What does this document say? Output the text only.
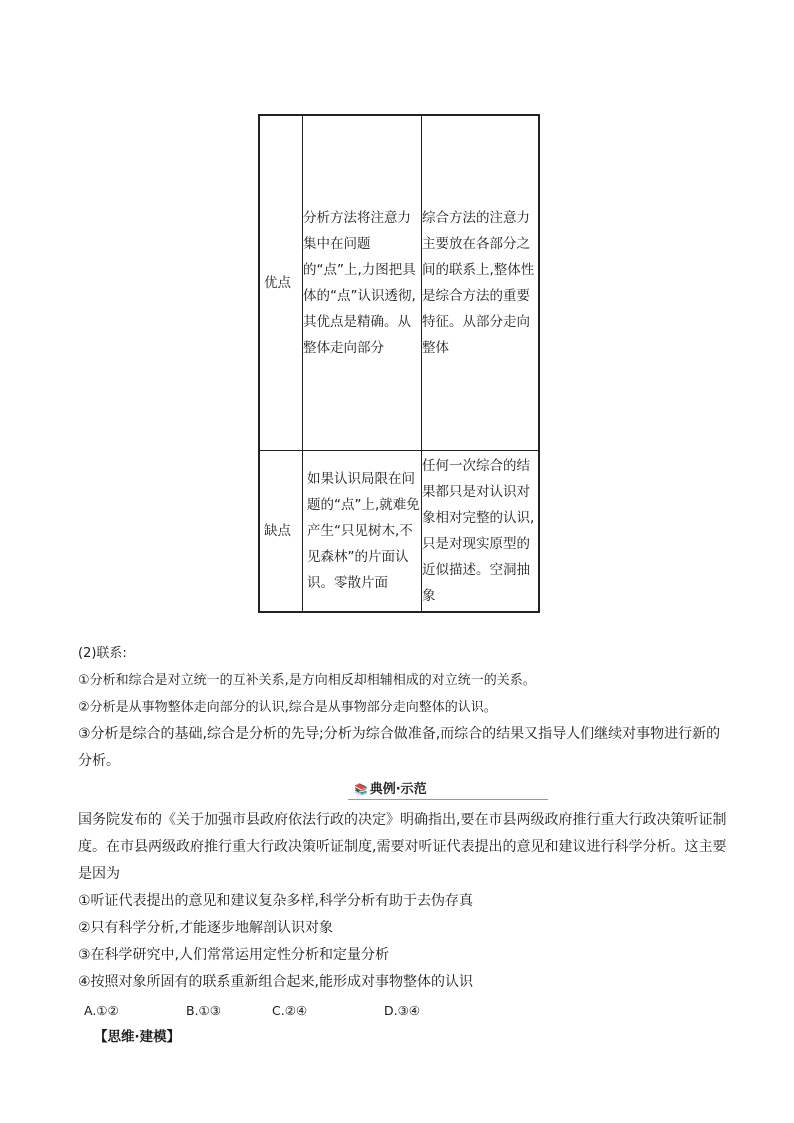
优点	分析方法将注意力集中在问题的“点”上,力图把具体的“点”认识透彻,其优点是精确。从整体走向部分	综合方法的注意力主要放在各部分之间的联系上,整体性是综合方法的重要特征。从部分走向整体
缺点	如果认识局限在问题的“点”上,就难免产生“只见树木,不见森林”的片面认识。零散片面	任何一次综合的结果都只是对认识对象相对完整的认识,只是对现实原型的近似描述。空洞抽象

(2)联系:

①分析和综合是对立统一的互补关系,是方向相反却相辅相成的对立统一的关系。

②分析是从事物整体走向部分的认识,综合是从事物部分走向整体的认识。

③分析是综合的基础,综合是分析的先导;分析为综合做准备,而综合的结果又指导人们继续对事物进行新的分析。

📚 典例·示范

国务院发布的《关于加强市县政府依法行政的决定》明确指出,要在市县两级政府推行重大行政决策听证制度。在市县两级政府推行重大行政决策听证制度,需要对听证代表提出的意见和建议进行科学分析。这主要是因为

①听证代表提出的意见和建议复杂多样,科学分析有助于去伪存真

②只有科学分析,才能逐步地解剖认识对象

③在科学研究中,人们常常运用定性分析和定量分析

④按照对象所固有的联系重新组合起来,能形成对事物整体的认识

A.①②	B.①③	C.②④	D.③④
【思维·建模】
